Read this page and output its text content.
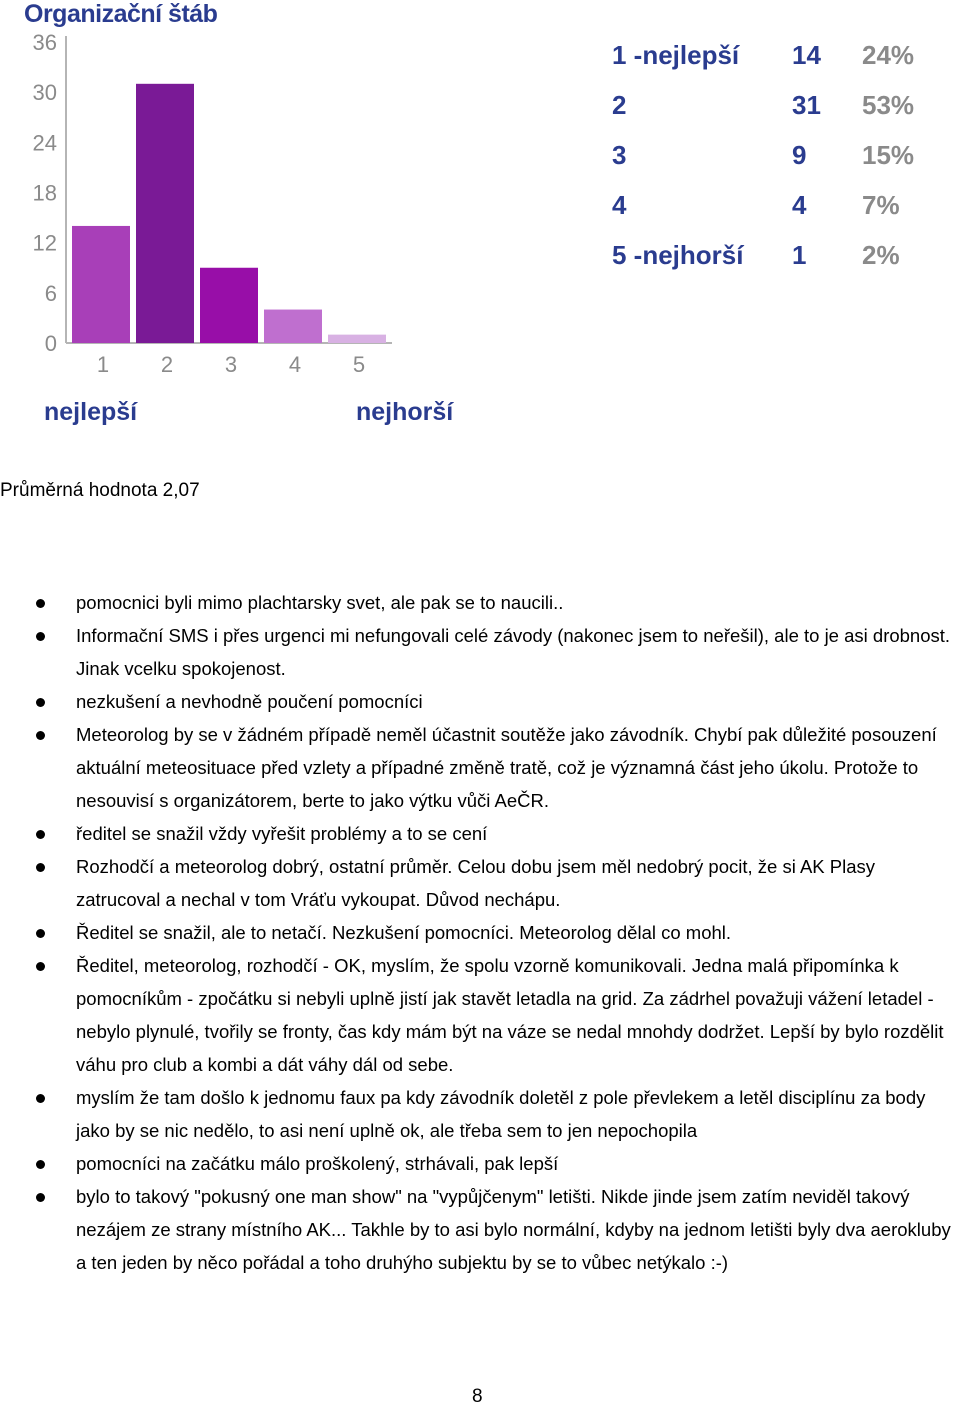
Organizační štáb
0
6
12
18
24
30
36
1 2 3 4 5
nejlepší	nejhorší
1 -nejlepší	14	24%
2	31	53%
3	9	15%
4	4	7%
5 -nejhorší	1	2%
Průměrná hodnota 2,07
pomocnici byli mimo plachtarsky svet, ale pak se to naucili..
Informační SMS i přes urgenci mi nefungovali celé závody (nakonec jsem to neřešil), ale to je asi drobnost. Jinak vcelku spokojenost.
nezkušení a nevhodně poučení pomocníci
Meteorolog by se v žádném případě neměl účastnit soutěže jako závodník. Chybí pak důležité posouzení aktuální meteosituace před vzlety a případné změně tratě, což je významná část jeho úkolu. Protože to nesouvisí s organizátorem, berte to jako výtku vůči AeČR.
ředitel se snažil vždy vyřešit problémy a to se cení
Rozhodčí a meteorolog dobrý, ostatní průměr. Celou dobu jsem měl nedobrý pocit, že si AK Plasy zatrucoval a nechal v tom Vráťu vykoupat. Důvod nechápu.
Ředitel se snažil, ale to netačí. Nezkušení pomocníci. Meteorolog dělal co mohl.
Ředitel, meteorolog, rozhodčí - OK, myslím, že spolu vzorně komunikovali. Jedna malá připomínka k pomocníkům - zpočátku si nebyli uplně jistí jak stavět letadla na grid. Za zádrhel považuji vážení letadel - nebylo plynulé, tvořily se fronty, čas kdy mám být na váze se nedal mnohdy dodržet. Lepší by bylo rozdělit váhu pro club a kombi a dát váhy dál od sebe.
myslím že tam došlo k jednomu faux pa kdy závodník doletěl z pole převlekem a letěl disciplínu za body jako by se nic nedělo, to asi není uplně ok, ale třeba sem to jen nepochopila
pomocníci na začátku málo proškolený, strhávali, pak lepší
bylo to takový "pokusný one man show" na "vypůjčenym" letišti. Nikde jinde jsem zatím neviděl takový nezájem ze strany místního AK... Takhle by to asi bylo normální, kdyby na jednom letišti byly dva aerokluby a ten jeden by něco pořádal a toho druhýho subjektu by se to vůbec netýkalo :-)
8
